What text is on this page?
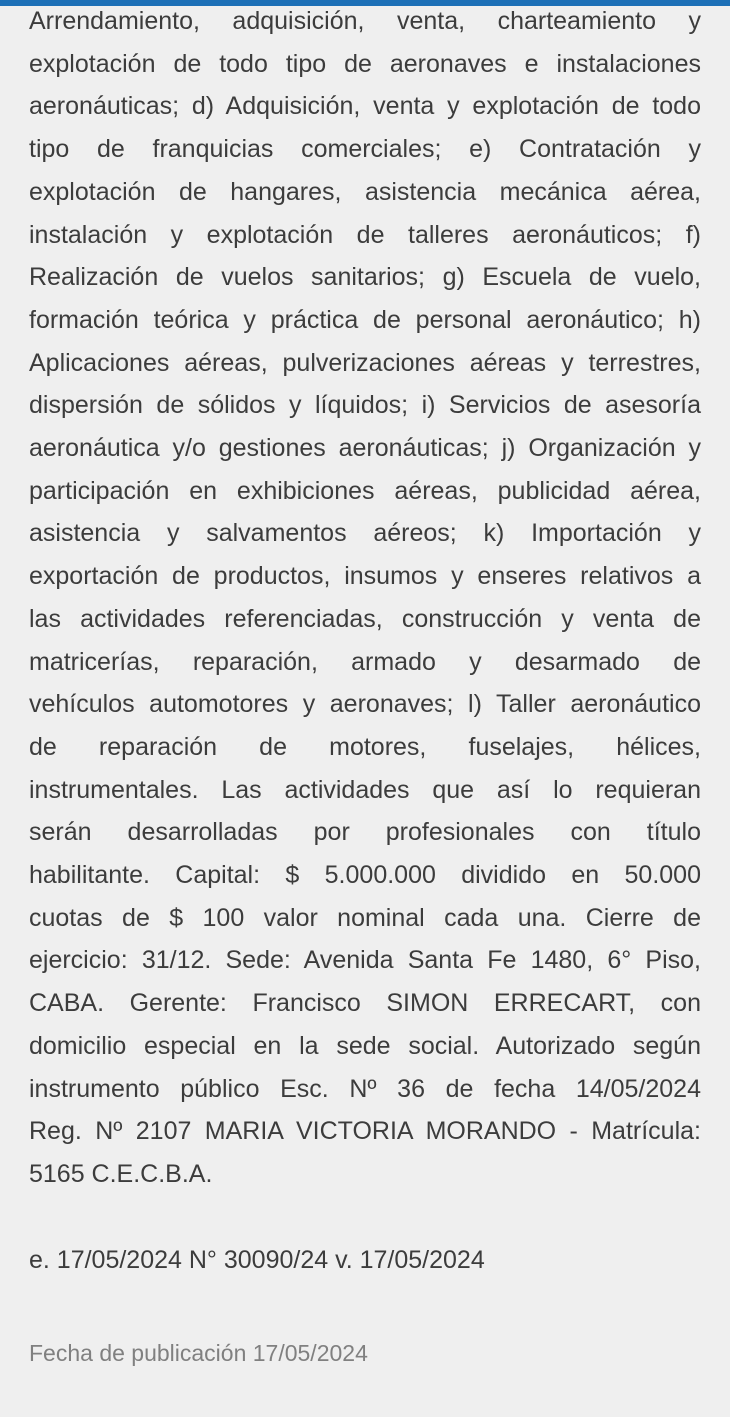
Arrendamiento, adquisición, venta, charteamiento y
explotación de todo tipo de aeronaves e instalaciones
aeronáuticas; d) Adquisición, venta y explotación de todo
tipo de franquicias comerciales; e) Contratación y
explotación de hangares, asistencia mecánica aérea,
instalación y explotación de talleres aeronáuticos; f)
Realización de vuelos sanitarios; g) Escuela de vuelo,
formación teórica y práctica de personal aeronáutico; h)
Aplicaciones aéreas, pulverizaciones aéreas y terrestres,
dispersión de sólidos y líquidos; i) Servicios de asesoría
aeronáutica y/o gestiones aeronáuticas; j) Organización y
participación en exhibiciones aéreas, publicidad aérea,
asistencia y salvamentos aéreos; k) Importación y
exportación de productos, insumos y enseres relativos a
las actividades referenciadas, construcción y venta de
matricerías, reparación, armado y desarmado de
vehículos automotores y aeronaves; l) Taller aeronáutico
de reparación de motores, fuselajes, hélices,
instrumentales. Las actividades que así lo requieran
serán desarrolladas por profesionales con título
habilitante. Capital: $ 5.000.000 dividido en 50.000
cuotas de $ 100 valor nominal cada una. Cierre de
ejercicio: 31/12. Sede: Avenida Santa Fe 1480, 6° Piso,
CABA. Gerente: Francisco SIMON ERRECART, con
domicilio especial en la sede social. Autorizado según
instrumento público Esc. Nº 36 de fecha 14/05/2024
Reg. Nº 2107 MARIA VICTORIA MORANDO - Matrícula:
5165 C.E.C.B.A.

e. 17/05/2024 N° 30090/24 v. 17/05/2024

Fecha de publicación 17/05/2024
